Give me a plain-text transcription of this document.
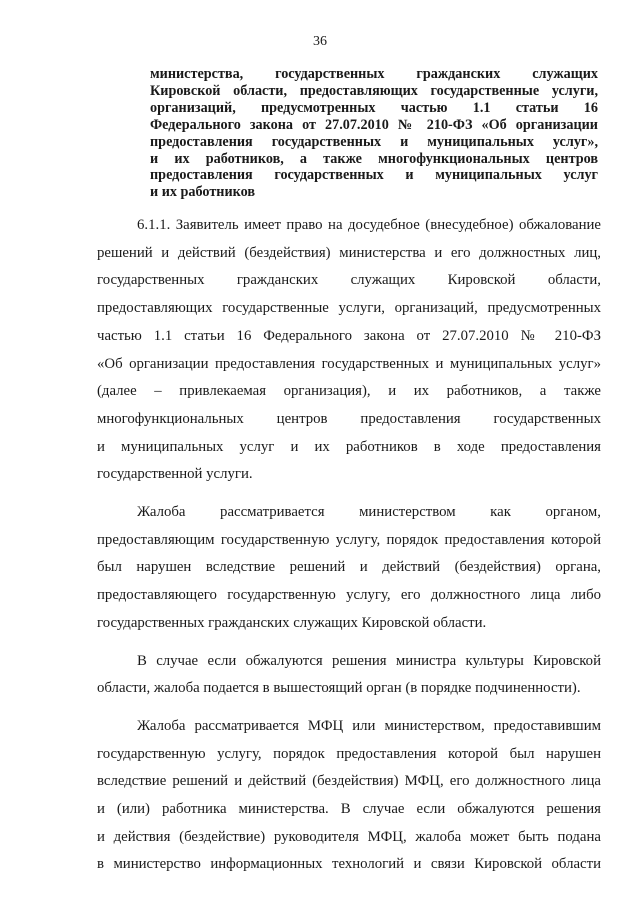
36
министерства, государственных гражданских служащих
Кировской области, предоставляющих государственные услуги,
организаций, предусмотренных частью 1.1 статьи 16
Федерального закона от 27.07.2010 № 210-ФЗ «Об организации
предоставления государственных и муниципальных услуг»,
и их работников, а также многофункциональных центров
предоставления государственных и муниципальных услуг
и их работников

6.1.1. Заявитель имеет право на досудебное (внесудебное) обжалование
решений и действий (бездействия) министерства и его должностных лиц,
государственных гражданских служащих Кировской области,
предоставляющих государственные услуги, организаций, предусмотренных
частью 1.1 статьи 16 Федерального закона от 27.07.2010 № 210-ФЗ
«Об организации предоставления государственных и муниципальных услуг»
(далее – привлекаемая организация), и их работников, а также
многофункциональных центров предоставления государственных
и муниципальных услуг и их работников в ходе предоставления
государственной услуги.

Жалоба рассматривается министерством как органом,
предоставляющим государственную услугу, порядок предоставления которой
был нарушен вследствие решений и действий (бездействия) органа,
предоставляющего государственную услугу, его должностного лица либо
государственных гражданских служащих Кировской области.

В случае если обжалуются решения министра культуры Кировской
области, жалоба подается в вышестоящий орган (в порядке подчиненности).

Жалоба рассматривается МФЦ или министерством, предоставившим
государственную услугу, порядок предоставления которой был нарушен
вследствие решений и действий (бездействия) МФЦ, его должностного лица
и (или) работника министерства. В случае если обжалуются решения
и действия (бездействие) руководителя МФЦ, жалоба может быть подана
в министерство информационных технологий и связи Кировской области
